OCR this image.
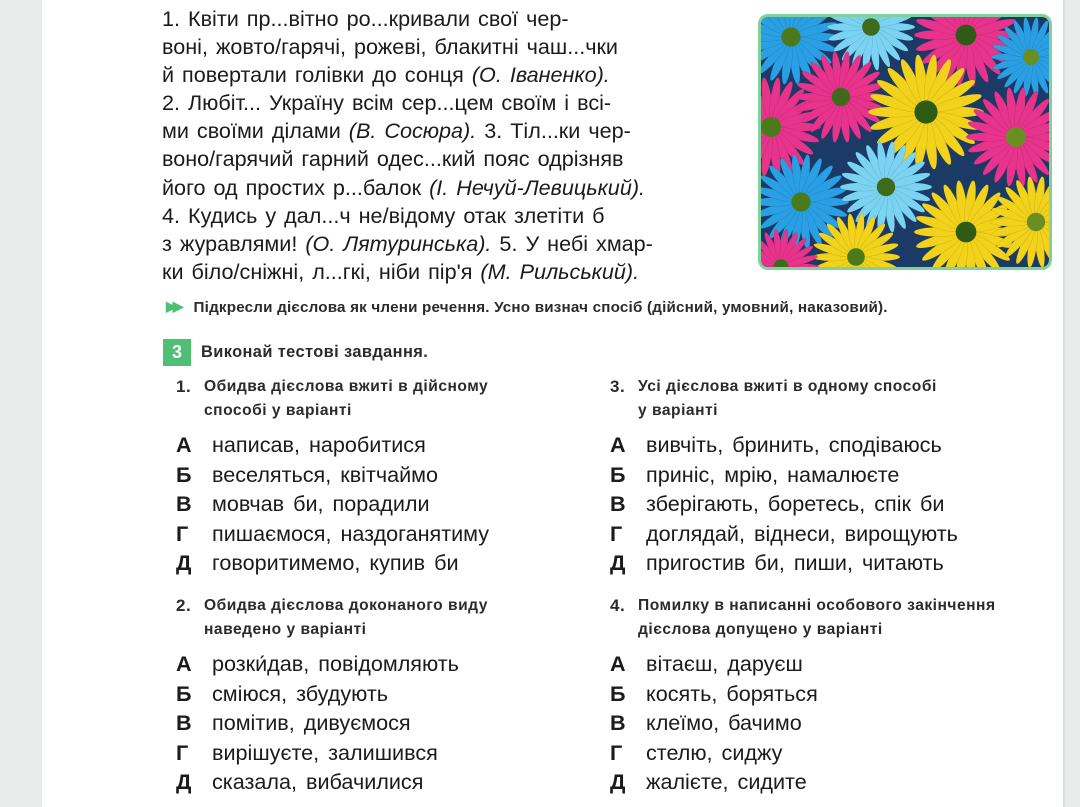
1. Квіти пр...вітно ро...кривали свої чер-
воні, жовто/гарячі, рожеві, блакитні чаш...чки
й повертали голівки до сонця (О. Іваненко).
2. Любіт... Україну всім сер...цем своїм і всі-
ми своїми ділами (В. Сосюра). 3. Тіл...ки чер-
воно/гарячий гарний одес...кий пояс одрізняв
його од простих р...балок (І. Нечуй-Левицький).
4. Кудись у дал...ч не/відому отак злетіти б
з журавлями! (О. Лятуринська). 5. У небі хмар-
ки біло/сніжні, л...гкі, ніби пір'я (М. Рильський).
▶▶ Підкресли дієслова як члени речення. Усно визнач спосіб (дійсний, умовний, наказовий).
3	Виконай тестові завдання.
1. Обидва дієслова вжиті в дійсному
способі у варіанті
А написав, наробитися
Б веселяться, квітчаймо
В мовчав би, порадили
Г пишаємося, наздоганятиму
Д говоритимемо, купив би
2. Обидва дієслова доконаного виду
наведено у варіанті
А розки́дав, повідомляють
Б сміюся, збудують
В помітив, дивуємося
Г вирішуєте, залишився
Д сказала, вибачилися
3. Усі дієслова вжиті в одному способі
у варіанті
А вивчіть, бринить, сподіваюсь
Б приніс, мрію, намалюєте
В зберігають, боретесь, спік би
Г доглядай, віднеси, вирощують
Д пригостив би, пиши, читають
4. Помилку в написанні особового закінчення
дієслова допущено у варіанті
А вітаєш, даруєш
Б косять, боряться
В клеїмо, бачимо
Г стелю, сиджу
Д жалієте, сидите
